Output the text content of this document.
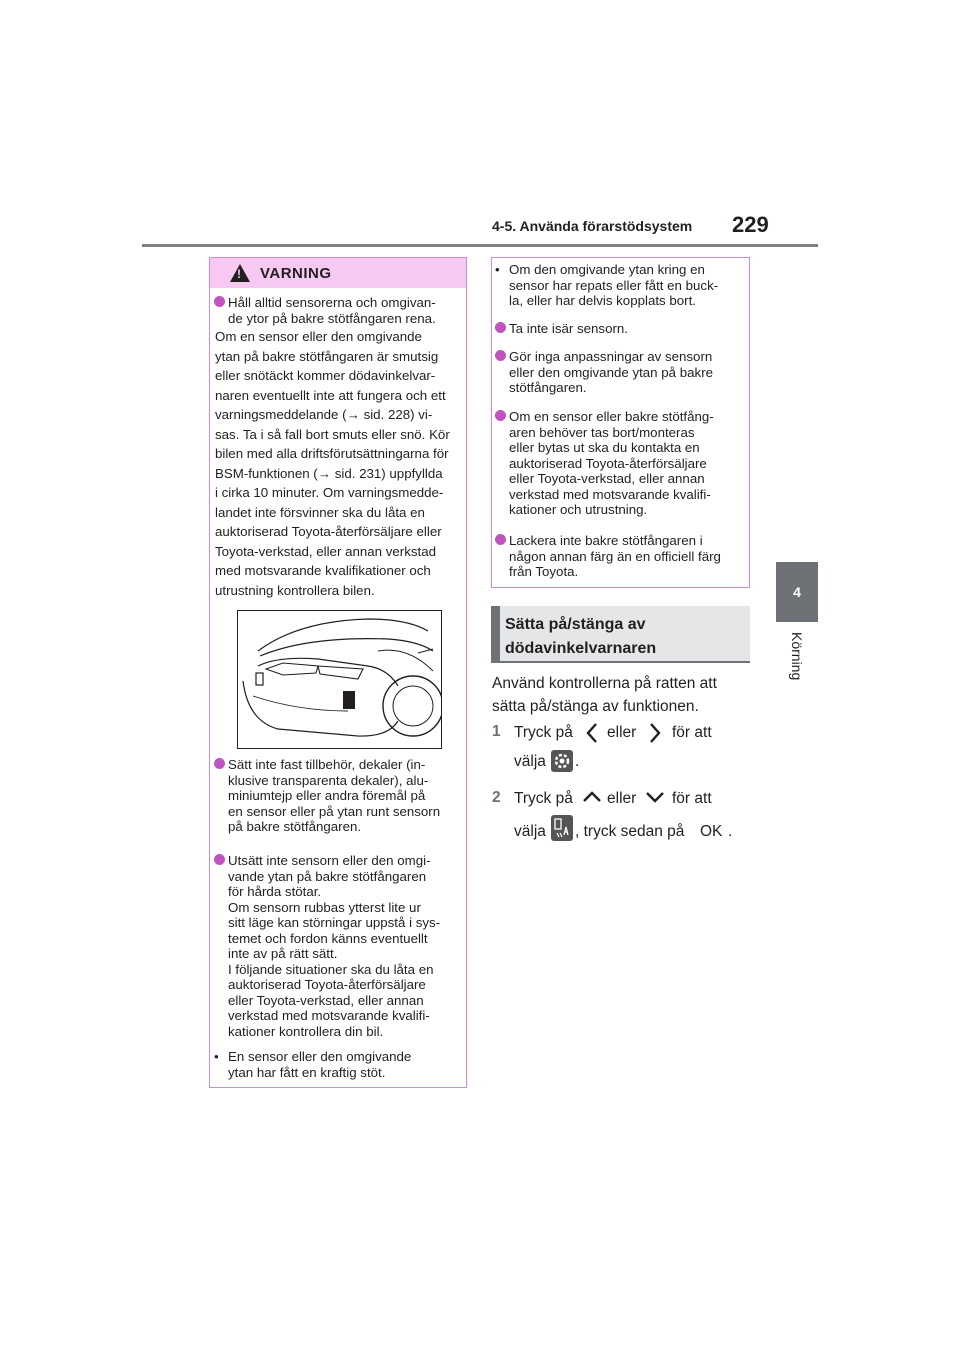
4-5. Använda förarstödsystem 229
4
Körning
!
VARNING
Håll alltid sensorerna och omgivan-
de ytor på bakre stötfångaren rena.
Om en sensor eller den omgivande
ytan på bakre stötfångaren är smutsig
eller snötäckt kommer dödavinkelvar-
naren eventuellt inte att fungera och ett
varningsmeddelande (→ sid. 228) vi-
sas. Ta i så fall bort smuts eller snö. Kör
bilen med alla driftsförutsättningarna för
BSM-funktionen (→ sid. 231) uppfyllda
i cirka 10 minuter. Om varningsmedde-
landet inte försvinner ska du låta en
auktoriserad Toyota-återförsäljare eller
Toyota-verkstad, eller annan verkstad
med motsvarande kvalifikationer och
utrustning kontrollera bilen.
Sätt inte fast tillbehör, dekaler (in-
klusive transparenta dekaler), alu-
miniumtejp eller andra föremål på
en sensor eller på ytan runt sensorn
på bakre stötfångaren.
Utsätt inte sensorn eller den omgi-
vande ytan på bakre stötfångaren
för hårda stötar.
Om sensorn rubbas ytterst lite ur
sitt läge kan störningar uppstå i sys-
temet och fordon känns eventuellt
inte av på rätt sätt.
I följande situationer ska du låta en
auktoriserad Toyota-återförsäljare
eller Toyota-verkstad, eller annan
verkstad med motsvarande kvalifi-
kationer kontrollera din bil.
• En sensor eller den omgivande
ytan har fått en kraftig stöt.
• Om den omgivande ytan kring en
sensor har repats eller fått en buck-
la, eller har delvis kopplats bort.
Ta inte isär sensorn.
Gör inga anpassningar av sensorn
eller den omgivande ytan på bakre
stötfångaren.
Om en sensor eller bakre stötfång-
aren behöver tas bort/monteras
eller bytas ut ska du kontakta en
auktoriserad Toyota-återförsäljare
eller Toyota-verkstad, eller annan
verkstad med motsvarande kvalifi-
kationer och utrustning.
Lackera inte bakre stötfångaren i
någon annan färg än en officiell färg
från Toyota.
Sätta på/stänga av
dödavinkelvarnaren
Använd kontrollerna på ratten att
sätta på/stänga av funktionen.
1 Tryck på eller för att
välja .
2 Tryck på eller för att
välja , tryck sedan på OK .
